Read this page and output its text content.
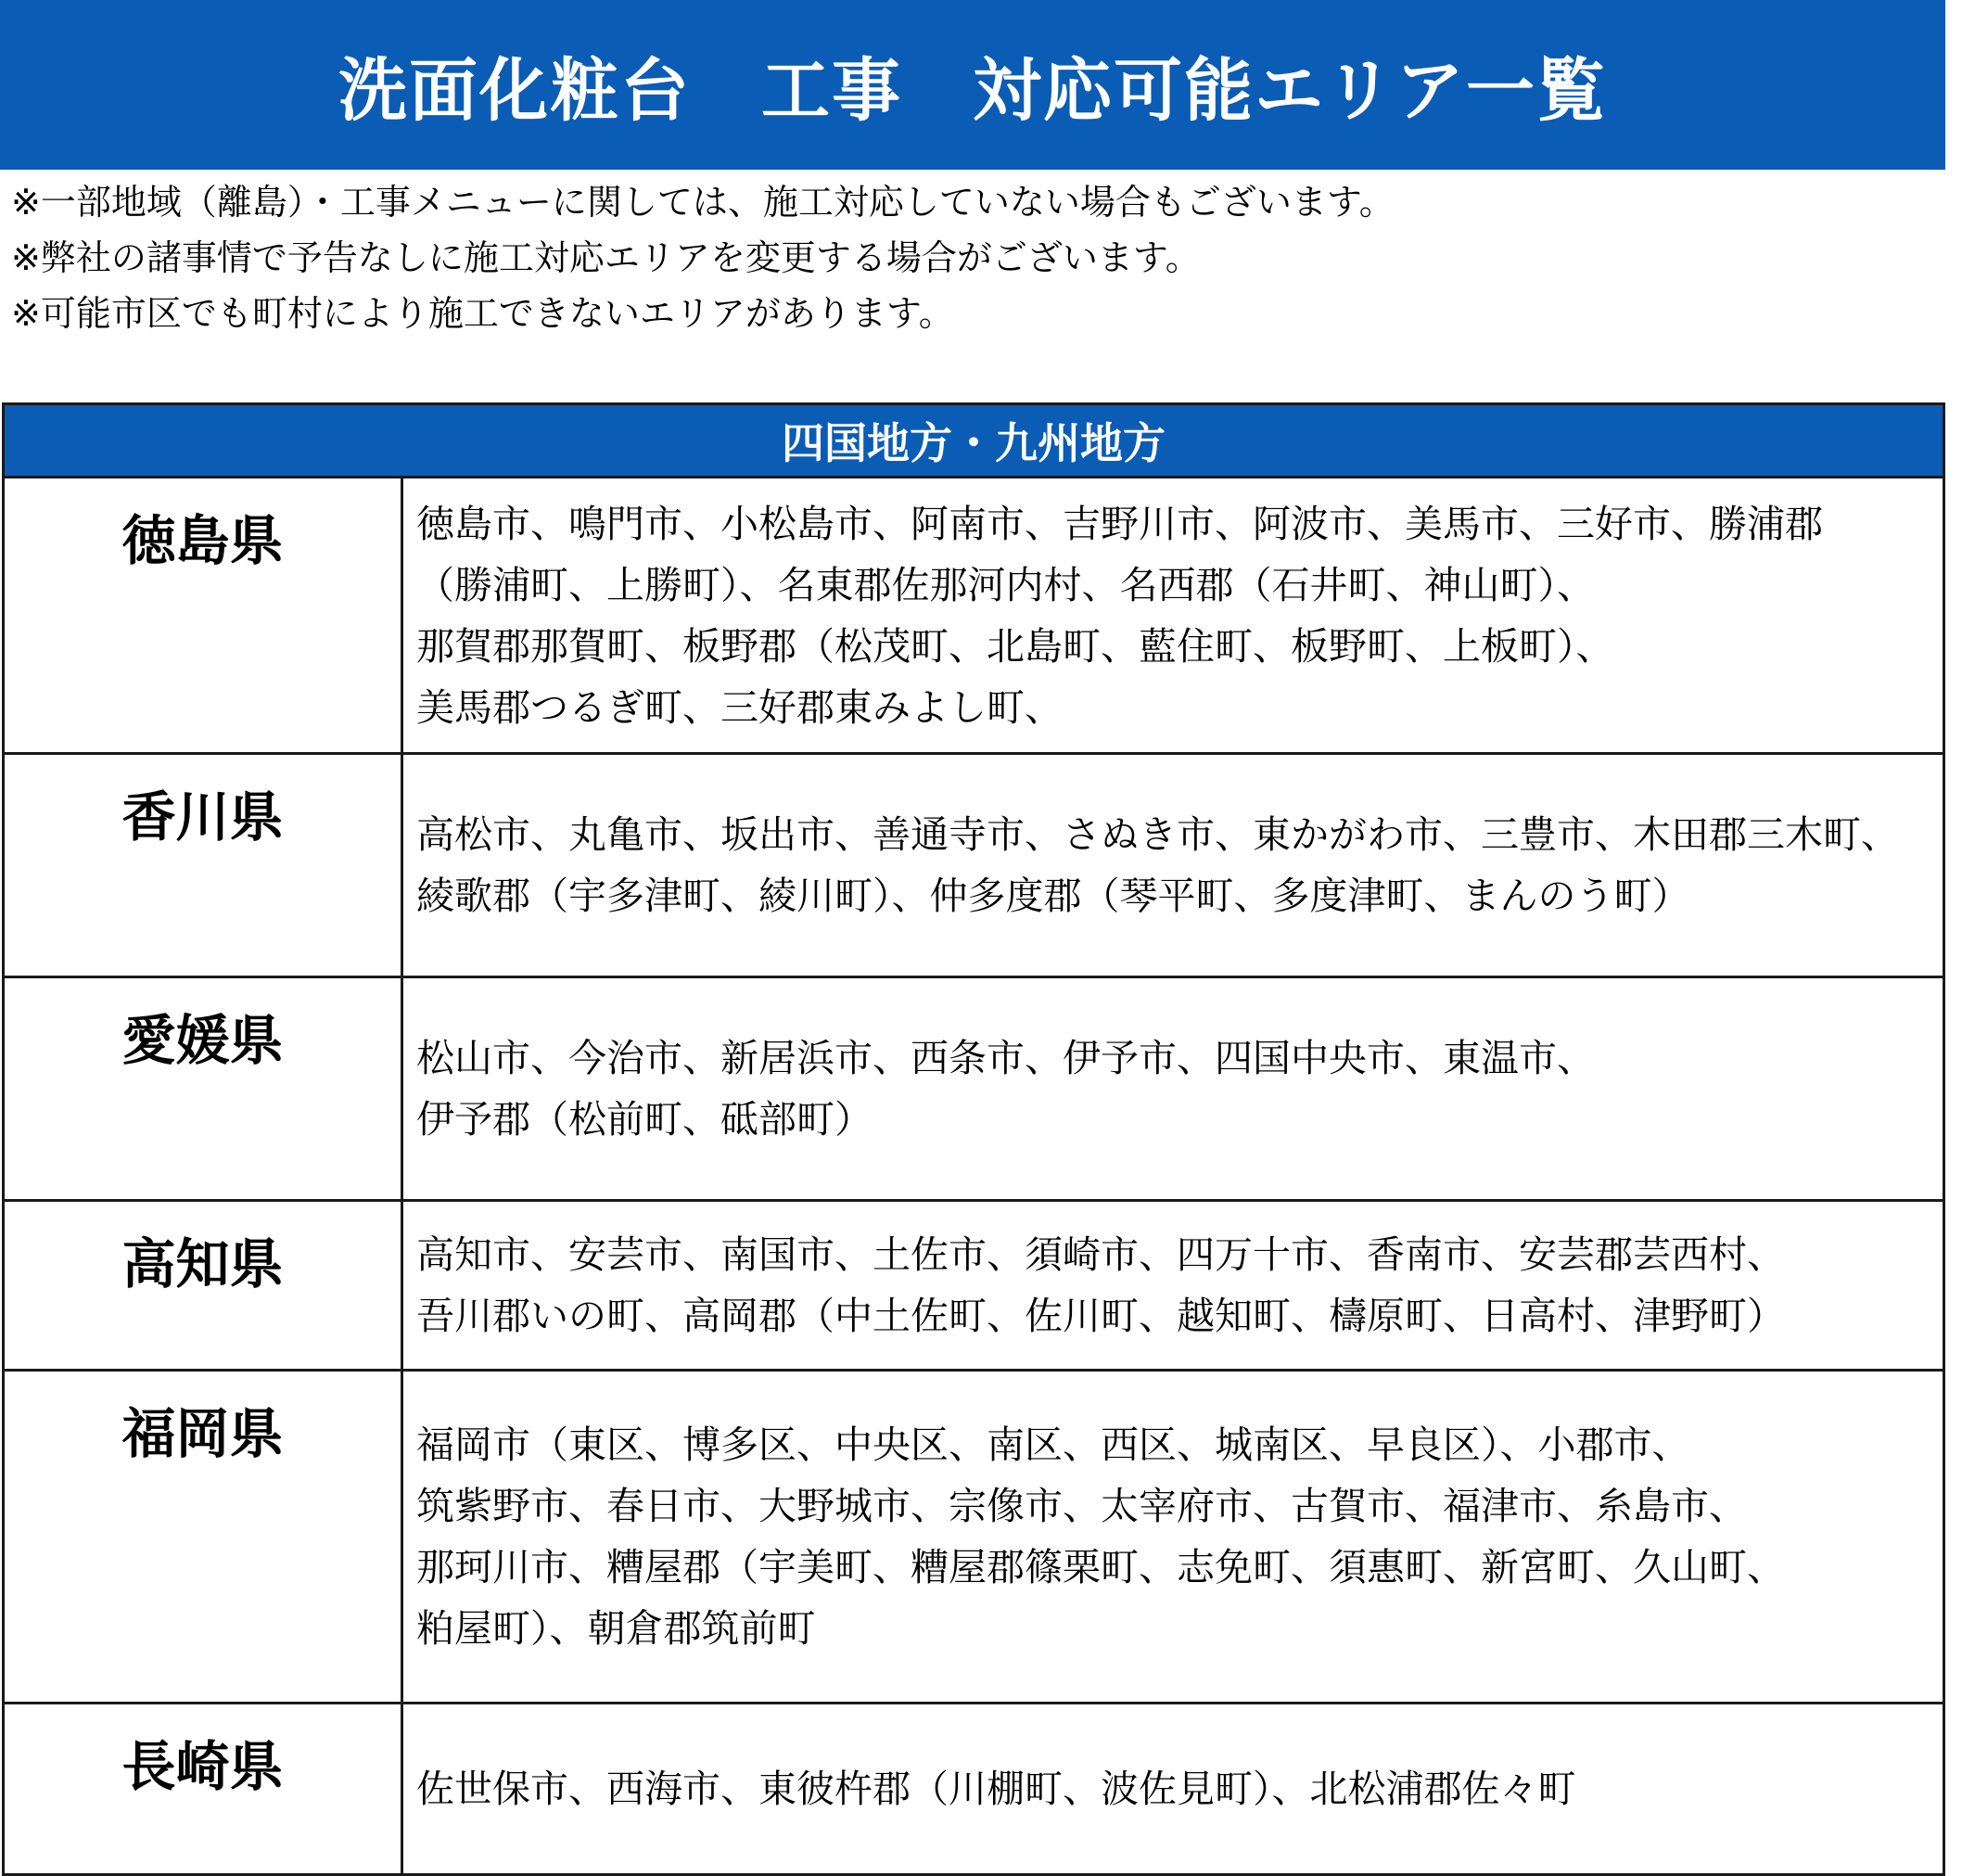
洗面化粧台　工事　対応可能エリア一覧
※一部地域（離島）・工事メニューに関しては、施工対応していない場合もございます。
※弊社の諸事情で予告なしに施工対応エリアを変更する場合がございます。
※可能市区でも町村により施工できないエリアがあります。
四国地方・九州地方
徳島県	徳島市、鳴門市、小松島市、阿南市、吉野川市、阿波市、美馬市、三好市、勝浦郡
（勝浦町、上勝町）、名東郡佐那河内村、名西郡（石井町、神山町）、
那賀郡那賀町、板野郡（松茂町、北島町、藍住町、板野町、上板町）、
美馬郡つるぎ町、三好郡東みよし町、
香川県	高松市、丸亀市、坂出市、善通寺市、さぬき市、東かがわ市、三豊市、木田郡三木町、
綾歌郡（宇多津町、綾川町）、仲多度郡（琴平町、多度津町、まんのう町）
愛媛県	松山市、今治市、新居浜市、西条市、伊予市、四国中央市、東温市、
伊予郡（松前町、砥部町）
高知県	高知市、安芸市、南国市、土佐市、須崎市、四万十市、香南市、安芸郡芸西村、
吾川郡いの町、高岡郡（中土佐町、佐川町、越知町、檮原町、日高村、津野町）
福岡県	福岡市（東区、博多区、中央区、南区、西区、城南区、早良区）、小郡市、
筑紫野市、春日市、大野城市、宗像市、太宰府市、古賀市、福津市、糸島市、
那珂川市、糟屋郡（宇美町、糟屋郡篠栗町、志免町、須惠町、新宮町、久山町、
粕屋町）、朝倉郡筑前町
長崎県	佐世保市、西海市、東彼杵郡（川棚町、波佐見町）、北松浦郡佐々町
